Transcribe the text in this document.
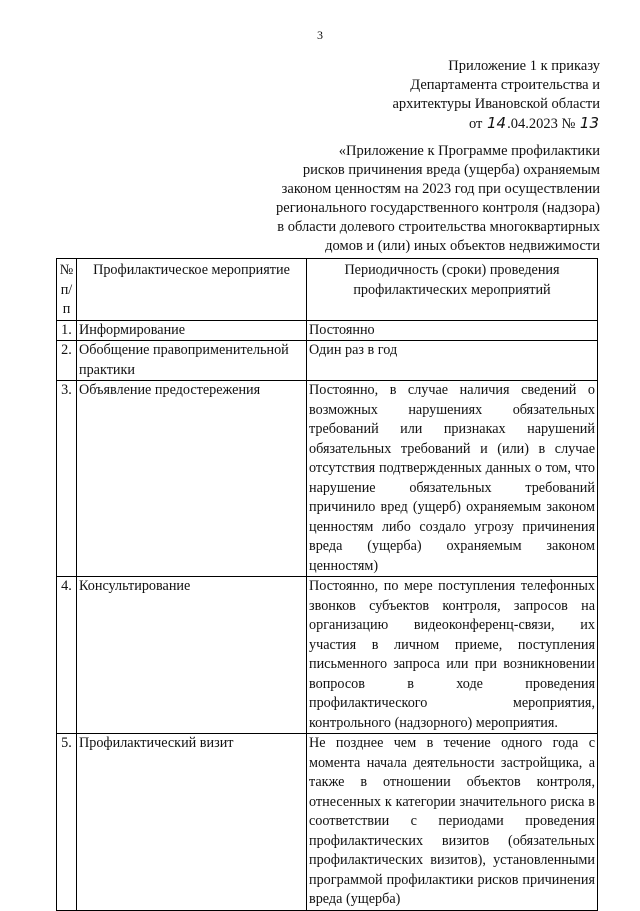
3
Приложение 1 к приказу
Департамента строительства и
архитектуры Ивановской области
от 14.04.2023 № 13
«Приложение к Программе профилактики
рисков причинения вреда (ущерба) охраняемым
законом ценностям на 2023 год при осуществлении
регионального государственного контроля (надзора)
в области долевого строительства многоквартирных
домов и (или) иных объектов недвижимости
№ п/п	Профилактическое мероприятие	Периодичность (сроки) проведения профилактических мероприятий
1.	Информирование	Постоянно
2.	Обобщение правоприменительной практики	Один раз в год
3.	Объявление предостережения	Постоянно, в случае наличия сведений о возможных нарушениях обязательных требований или признаках нарушений обязательных требований и (или) в случае отсутствия подтвержденных данных о том, что нарушение обязательных требований причинило вред (ущерб) охраняемым законом ценностям либо создало угрозу причинения вреда (ущерба) охраняемым законом ценностям)
4.	Консультирование	Постоянно, по мере поступления телефонных звонков субъектов контроля, запросов на организацию видеоконференц-связи, их участия в личном приеме, поступления письменного запроса или при возникновении вопросов в ходе проведения профилактического мероприятия, контрольного (надзорного) мероприятия.
5.	Профилактический визит	Не позднее чем в течение одного года с момента начала деятельности застройщика, а также в отношении объектов контроля, отнесенных к категории значительного риска в соответствии с периодами проведения профилактических визитов (обязательных профилактических визитов), установленными программой профилактики рисков причинения вреда (ущерба)
